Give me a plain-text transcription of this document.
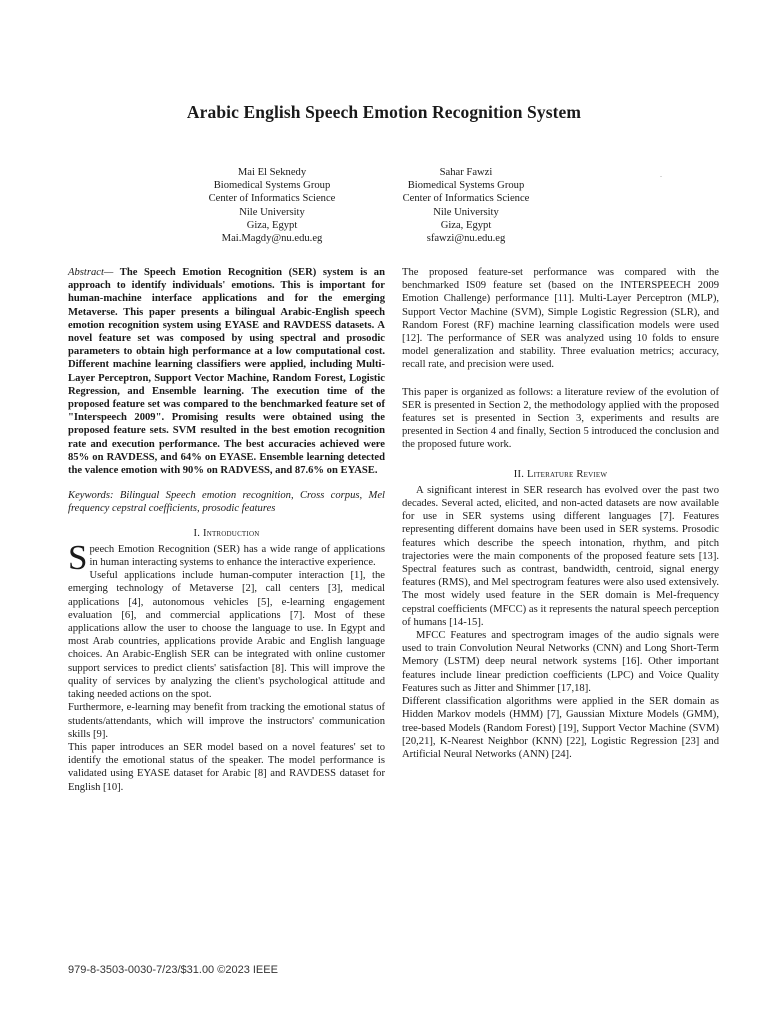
Arabic English Speech Emotion Recognition System
Mai El Seknedy
Biomedical Systems Group
Center of Informatics Science
Nile University
Giza, Egypt
Mai.Magdy@nu.edu.eg
Sahar Fawzi
Biomedical Systems Group
Center of Informatics Science
Nile University
Giza, Egypt
sfawzi@nu.edu.eg
.

Abstract— The Speech Emotion Recognition (SER) system is an approach to identify individuals' emotions. This is important for human-machine interface applications and for the emerging Metaverse. This paper presents a bilingual Arabic-English speech emotion recognition system using EYASE and RAVDESS datasets. A novel feature set was composed by using spectral and prosodic parameters to obtain high performance at a low computational cost. Different machine learning classifiers were applied, including Multi-Layer Perceptron, Support Vector Machine, Random Forest, Logistic Regression, and Ensemble learning. The execution time of the proposed feature set was compared to the benchmarked feature set of "Interspeech 2009". Promising results were obtained using the proposed feature sets. SVM resulted in the best emotion recognition rate and execution performance. The best accuracies achieved were 85% on RAVDESS, and 64% on EYASE. Ensemble learning detected the valence emotion with 90% on RADVESS, and 87.6% on EYASE.

Keywords: Bilingual Speech emotion recognition, Cross corpus, Mel frequency cepstral coefficients, prosodic features

I. Introduction

Speech Emotion Recognition (SER) has a wide range of applications in human interacting systems to enhance the interactive experience.

Useful applications include human-computer interaction [1], the emerging technology of Metaverse [2], call centers [3], medical applications [4], autonomous vehicles [5], e-learning engagement evaluation [6], and commercial applications [7]. Most of these applications allow the user to choose the language to use. In Egypt and most Arab countries, applications provide Arabic and English language choices. An Arabic-English SER can be integrated with online customer support services to predict clients' satisfaction [8]. This will improve the quality of services by analyzing the client's psychological attitude and taking needed actions on the spot.

Furthermore, e-learning may benefit from tracking the emotional status of students/attendants, which will improve the instructors' communication skills [9].

This paper introduces an SER model based on a novel features' set to identify the emotional status of the speaker. The model performance is validated using EYASE dataset for Arabic [8] and RAVDESS dataset for English [10].

The proposed feature-set performance was compared with the benchmarked IS09 feature set (based on the INTERSPEECH 2009 Emotion Challenge) performance [11]. Multi-Layer Perceptron (MLP), Support Vector Machine (SVM), Simple Logistic Regression (SLR), and Random Forest (RF) machine learning classification models were used [12]. The performance of SER was analyzed using 10 folds to ensure model generalization and stability. Three evaluation metrics; accuracy, recall rate, and precision were used.

This paper is organized as follows: a literature review of the evolution of SER is presented in Section 2, the methodology applied with the proposed features set is presented in Section 3, experiments and results are presented in Section 4 and finally, Section 5 introduced the conclusion and the proposed future work.

II. Literature Review

A significant interest in SER research has evolved over the past two decades. Several acted, elicited, and non-acted datasets are now available for use in SER systems using different languages [7]. Features representing different domains have been used in SER systems. Prosodic features which describe the speech intonation, rhythm, and pitch trajectories were the main components of the proposed feature sets [13]. Spectral features such as contrast, bandwidth, centroid, signal energy features (RMS), and Mel spectrogram features were also used extensively. The most widely used feature in the SER domain is Mel-frequency cepstral coefficients (MFCC) as it represents the natural speech perception of humans [14-15].

MFCC Features and spectrogram images of the audio signals were used to train Convolution Neural Networks (CNN) and Long Short-Term Memory (LSTM) deep neural network systems [16]. Other important features include linear prediction coefficients (LPC) and Voice Quality Features such as Jitter and Shimmer [17,18].

Different classification algorithms were applied in the SER domain as Hidden Markov models (HMM) [7], Gaussian Mixture Models (GMM), tree-based Models (Random Forest) [19], Support Vector Machine (SVM) [20,21], K-Nearest Neighbor (KNN) [22], Logistic Regression [23] and Artificial Neural Networks (ANN) [24].

979-8-3503-0030-7/23/$31.00 ©2023 IEEE
